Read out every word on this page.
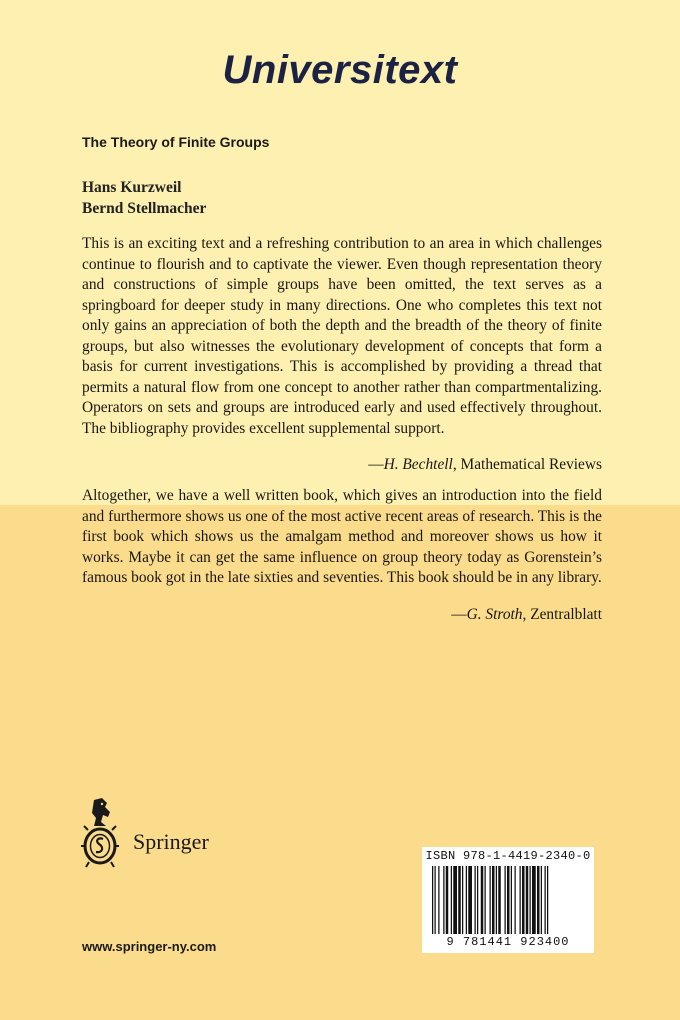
Universitext
The Theory of Finite Groups
Hans Kurzweil
Bernd Stellmacher
This is an exciting text and a refreshing contribution to an area in which challenges continue to flourish and to captivate the viewer. Even though representation theory and constructions of simple groups have been omitted, the text serves as a springboard for deeper study in many directions. One who completes this text not only gains an appreciation of both the depth and the breadth of the theory of finite groups, but also witnesses the evolutionary development of concepts that form a basis for current investigations. This is accomplished by providing a thread that permits a natural flow from one concept to another rather than compartmentalizing. Operators on sets and groups are introduced early and used effectively throughout. The bibliography provides excellent supplemental support.
—H. Bechtell, Mathematical Reviews
Altogether, we have a well written book, which gives an introduction into the field and furthermore shows us one of the most active recent areas of research. This is the first book which shows us the amalgam method and moreover shows us how it works. Maybe it can get the same influence on group theory today as Gorenstein’s famous book got in the late sixties and seventies. This book should be in any library.
—G. Stroth, Zentralblatt
Springer
www.springer-ny.com
ISBN 978-1-4419-2340-0
9 781441 923400
